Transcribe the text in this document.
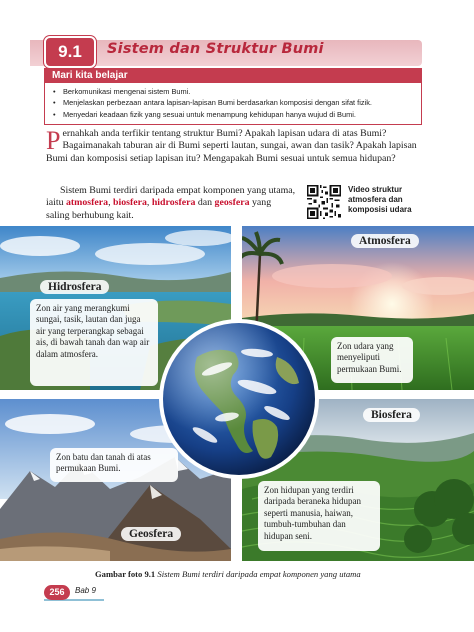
9.1	Sistem dan Struktur Bumi
Mari kita belajar
• Berkomunikasi mengenai sistem Bumi.
• Menjelaskan perbezaan antara lapisan-lapisan Bumi berdasarkan komposisi dengan sifat fizik.
• Menyedari keadaan fizik yang sesuai untuk menampung kehidupan hanya wujud di Bumi.

Pernahkah anda terfikir tentang struktur Bumi? Apakah lapisan udara di atas Bumi? Bagaimanakah taburan air di Bumi seperti lautan, sungai, awan dan tasik? Apakah lapisan Bumi dan komposisi setiap lapisan itu? Mengapakah Bumi sesuai untuk semua hidupan?

Sistem Bumi terdiri daripada empat komponen yang utama, iaitu atmosfera, biosfera, hidrosfera dan geosfera yang saling berhubung kait.

Video struktur atmosfera dan komposisi udara
Hidrosfera
Atmosfera
Biosfera
Geosfera
Zon air yang merangkumi sungai, tasik, lautan dan juga air yang terperangkap sebagai ais, di bawah tanah dan wap air dalam atmosfera.
Zon udara yang menyeliputi permukaan Bumi.
Zon batu dan tanah di atas permukaan Bumi.
Zon hidupan yang terdiri daripada beraneka hidupan seperti manusia, haiwan, tumbuh-tumbuhan dan hidupan seni.
Gambar foto 9.1 Sistem Bumi terdiri daripada empat komponen yang utama
256	Bab 9
